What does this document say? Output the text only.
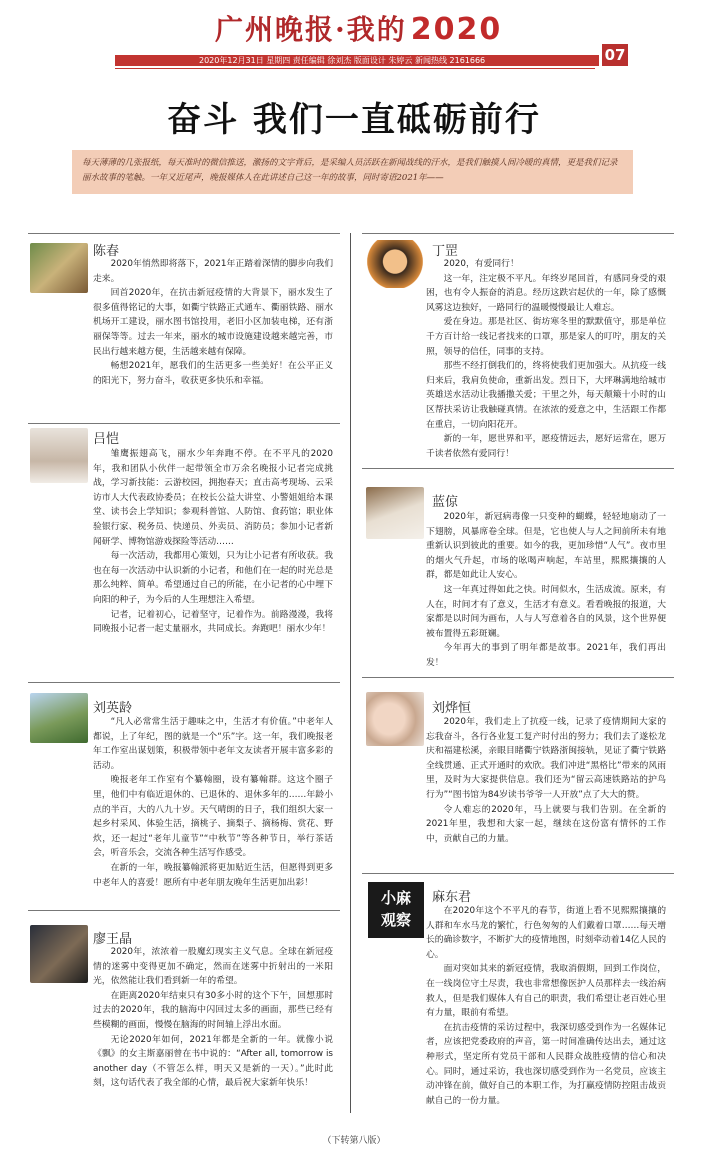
广州晚报·我的 2020
07
2020年12月31日 星期四 责任编辑 徐刘杰 版面设计 朱婷云 新闻热线 2161666
奋斗 我们一直砥砺前行
每天薄薄的几张报纸，每天准时的微信推送，激扬的文字背后，是采编人员活跃在新闻战线的汗水，是我们触摸人间冷暖的真情，更是我们记录丽水故事的笔触。一年又近尾声，晚报媒体人在此讲述自己这一年的故事，同时寄语2021年——
陈春

2020年悄然即将落下，2021年正踏着深情的脚步向我们走来。

回首2020年，在抗击新冠疫情的大背景下，丽水发生了很多值得铭记的大事，如衢宁铁路正式通车、衢丽铁路、丽水机场开工建设，丽水图书馆投用，老旧小区加装电梯，还有浙丽保等等。过去一年来，丽水的城市设施建设越来越完善，市民出行越来越方便，生活越来越有保障。

畅想2021年，愿我们的生活更多一些美好！在公平正义的阳光下，努力奋斗，收获更多快乐和幸福。

吕恺

雏鹰振翅高飞，丽水少年奔跑不停。在不平凡的2020年，我和团队小伙伴一起带领全市万余名晚报小记者完成挑战，学习新技能：云游校园，拥抱春天；直击高考现场、云采访市人大代表政协委员；在校长公益大讲堂、小警姐姐给本课堂、读书会上学知识；参观科普馆、人防馆、食药馆；职业体验银行家、税务员、快递员、外卖员、消防员；参加小记者新闻研学、博物馆游戏探险等活动……

每一次活动，我都用心策划，只为让小记者有所收获。我也在每一次活动中认识新的小记者，和他们在一起的时光总是那么纯粹、简单。希望通过自己的所能，在小记者的心中埋下向阳的种子，为今后的人生理想注入希望。

记者，记着初心，记着坚守，记着作为。前路漫漫，我将同晚报小记者一起丈量丽水，共同成长。奔跑吧！丽水少年！

刘英龄

“凡人必常常生活于趣味之中，生活才有价值。”中老年人都说，上了年纪，图的就是一个“乐”字。这一年，我们晚报老年工作室出谋划策，积极带领中老年文友读者开展丰富多彩的活动。

晚报老年工作室有个纂翰圈，设有纂翰群。这这个圈子里，他们中有临近退休的、已退休的、退休多年的……年龄小点的半百，大的八九十岁。天气晴朗的日子，我们组织大家一起乡村采风、体验生活，摘桃子、摘梨子、摘杨梅、赏花、野炊，还一起过“老年儿童节”“中秋节”等各种节日，举行茶话会，听音乐会，交流各种生活写作感受。

在新的一年，晚报纂翰派将更加贴近生活，但愿得到更多中老年人的喜爱！愿所有中老年朋友晚年生活更加出彩！

廖王晶

2020年，浓浓着一股魔幻现实主义气息。全球在新冠疫情的迷雾中变得更加不确定，然而在迷雾中折射出的一米阳光，依然能让我们看到新一年的希望。

在距离2020年结束只有30多小时的这个下午，回想那时过去的2020年，我的脑海中闪回过太多的画面，那些已经有些模糊的画面，慢慢在脑海的时间轴上浮出水面。

无论2020年如何，2021年都是全新的一年。就像小说《飘》的女主斯嘉丽曾在书中说的：“After all, tomorrow is another day（不管怎么样，明天又是新的一天）。”此时此刻，这句话代表了我全部的心情，最后祝大家新年快乐！

丁罡

2020，有爱同行！

这一年，注定极不平凡。年终岁尾回首，有感同身受的艰困，也有令人振奋的消息。经历这跌宕起伏的一年，除了感慨风雾这边独好，一路同行的温暖慢慢最让人难忘。

爱在身边。那是社区、街坊寒冬里的默默值守，那是单位千方百计给一线记者找来的口罩，那是家人的叮咛，朋友的关照，领导的信任，同事的支持。

那些不经打倒我们的，终将使我们更加强大。从抗疫一线归来后，我肩负使命，重新出发。烈日下，大坪琳满地给城市英雄送水活动让我播撒关爱；干里之外，每天颠簸十小时的山区帮扶采访让我触碰真情。在浓浓的爱意之中，生活跟工作都在重启，一切向阳花开。

新的一年，愿世界和平，愿疫情远去，愿好运常在，愿万千读者依然有爱同行！

蓝倞

2020年，新冠病毒像一只变种的蝴蝶，轻轻地扇动了一下翅膀，风暴席卷全球。但是，它也使人与人之间前所未有地重新认识到彼此的重要。如今的我，更加珍惜“人气”。夜市里的烟火气升起，市场的吆喝声响起，车站里，熙熙攘攘的人群，都是如此让人安心。

这一年真过得如此之快。时间似水，生活成流。原来，有人在，时间才有了意义，生活才有意义。看看晚报的报道，大家都是以时间为画布，人与人写意着各自的风景，这个世界便被布置得五彩斑斓。

今年再大的事到了明年都是故事。2021年，我们再出发！

刘烨恒

2020年，我们走上了抗疫一线，记录了疫情期间大家的忘我奋斗，各行各业复工复产时付出的努力；我们去了遂松龙庆和福建松溪，亲眼目睹衢宁铁路浙闽接轨，见证了衢宁铁路全线贯通、正式开通时的欢欣。我们冲进“黑格比”带来的风雨里，及时为大家提供信息。我们还为“留云高速铁路站的护鸟行为”“图书馆为84岁读书爷爷一人开放”点了大大的赞。

令人难忘的2020年，马上就要与我们告别。在全新的2021年里，我想和大家一起，继续在这份富有情怀的工作中，贡献自己的力量。

小麻
观察
麻东君

在2020年这个不平凡的春节，街道上看不见熙熙攘攘的人群和车水马龙的繁忙，行色匆匆的人们戴着口罩……每天增长的确诊数字，不断扩大的疫情地图，时刻牵动着14亿人民的心。

面对突如其来的新冠疫情，我取消假期，回到工作岗位，在一线岗位守土尽责，我也非常想像医护人员那样去一线治病救人，但是我们媒体人有自己的职责，我们希望让老百姓心里有力量，眼前有希望。

在抗击疫情的采访过程中，我深切感受到作为一名媒体记者，应该把党委政府的声音，第一时间准确传达出去，通过这种形式，坚定所有党员干部和人民群众战胜疫情的信心和决心。同时，通过采访，我也深切感受到作为一名党员，应该主动冲锋在前，做好自己的本职工作，为打赢疫情防控阻击战贡献自己的一份力量。

（下转第八版）
